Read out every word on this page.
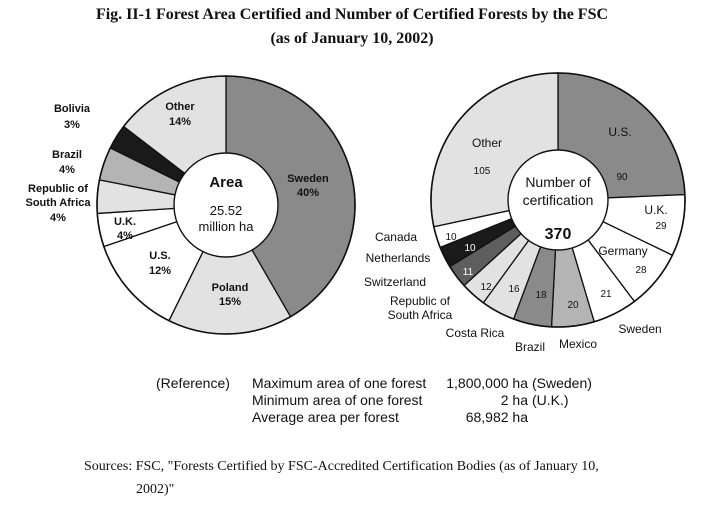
Fig. II-1 Forest Area Certified and Number of Certified Forests by the FSC
(as of January 10, 2002)
Sweden
40%
Poland
15%
U.S.
12%
U.K.
4%
Republic of
South Africa
4%
Brazil
4%
Bolivia
3%
Other
14%
Area
25.52
million ha
U.S.
90
U.K.
29
Germany
28
Sweden
21
Mexico
20
Brazil
18
Costa Rica
16
Republic of
South Africa
12
Switzerland
11
Netherlands
10
Canada	10
Other
105
Number of
certification
370
(Reference) Maximum area of one forest
Minimum area of one forest
Average area per forest
1,800,000 ha
2 ha
68,982 ha
(Sweden)
(U.K.)
Sources: FSC, "Forests Certified by FSC-Accredited Certification Bodies (as of January 10,
2002)"
